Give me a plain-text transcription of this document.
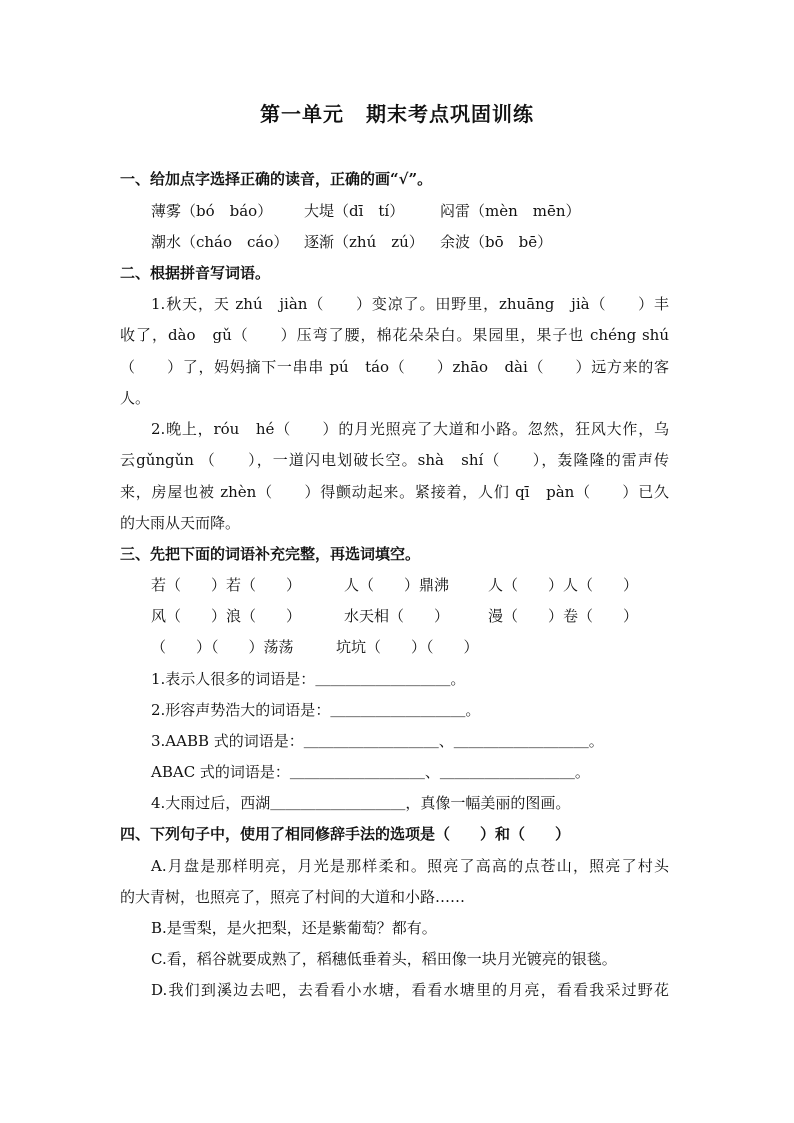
第一单元 期末考点巩固训练
一、给加点字选择正确的读音，正确的画“√”。
薄雾（bó　báo） 大堤（dī　tí） 闷雷（mèn　mēn）
潮水（cháo　cáo） 逐渐（zhú　zú） 余波（bō　bē）
二、根据拼音写词语。
1.秋天，天 zhú　jiàn（　　）变凉了。田野里，zhuāng　jià（　　）丰
收了，dào　gǔ（　　）压弯了腰，棉花朵朵白。果园里，果子也 chéng shú
（　　）了，妈妈摘下一串串 pú　táo（　　）zhāo　dài（　　）远方来的客
人。
2.晚上，róu　hé（　　）的月光照亮了大道和小路。忽然，狂风大作，乌
云gǔngǔn （　　），一道闪电划破长空。shà　shí（　　），轰隆隆的雷声传
来，房屋也被 zhèn（　　）得颤动起来。紧接着，人们 qī　pàn（　　）已久
的大雨从天而降。
三、先把下面的词语补充完整，再选词填空。
若（　　）若（　　）	人（　　）鼎沸	人（　　）人（　　）
风（　　）浪（　　）	水天相（　　）	漫（　　）卷（　　）
（　　）（　　）荡荡	坑坑（　　）（　　）
1.表示人很多的词语是：＿＿＿＿＿＿＿＿＿。
2.形容声势浩大的词语是：＿＿＿＿＿＿＿＿＿。
3.AABB 式的词语是：＿＿＿＿＿＿＿＿＿、＿＿＿＿＿＿＿＿＿。
ABAC 式的词语是：＿＿＿＿＿＿＿＿＿、＿＿＿＿＿＿＿＿＿。
4.大雨过后，西湖＿＿＿＿＿＿＿＿＿，真像一幅美丽的图画。
四、下列句子中，使用了相同修辞手法的选项是（　　）和（　　）
A.月盘是那样明亮，月光是那样柔和。照亮了高高的点苍山，照亮了村头
的大青树，也照亮了，照亮了村间的大道和小路……
B.是雪梨，是火把梨，还是紫葡萄？都有。
C.看，稻谷就要成熟了，稻穗低垂着头，稻田像一块月光镀亮的银毯。
D.我们到溪边去吧，去看看小水塘，看看水塘里的月亮，看看我采过野花
